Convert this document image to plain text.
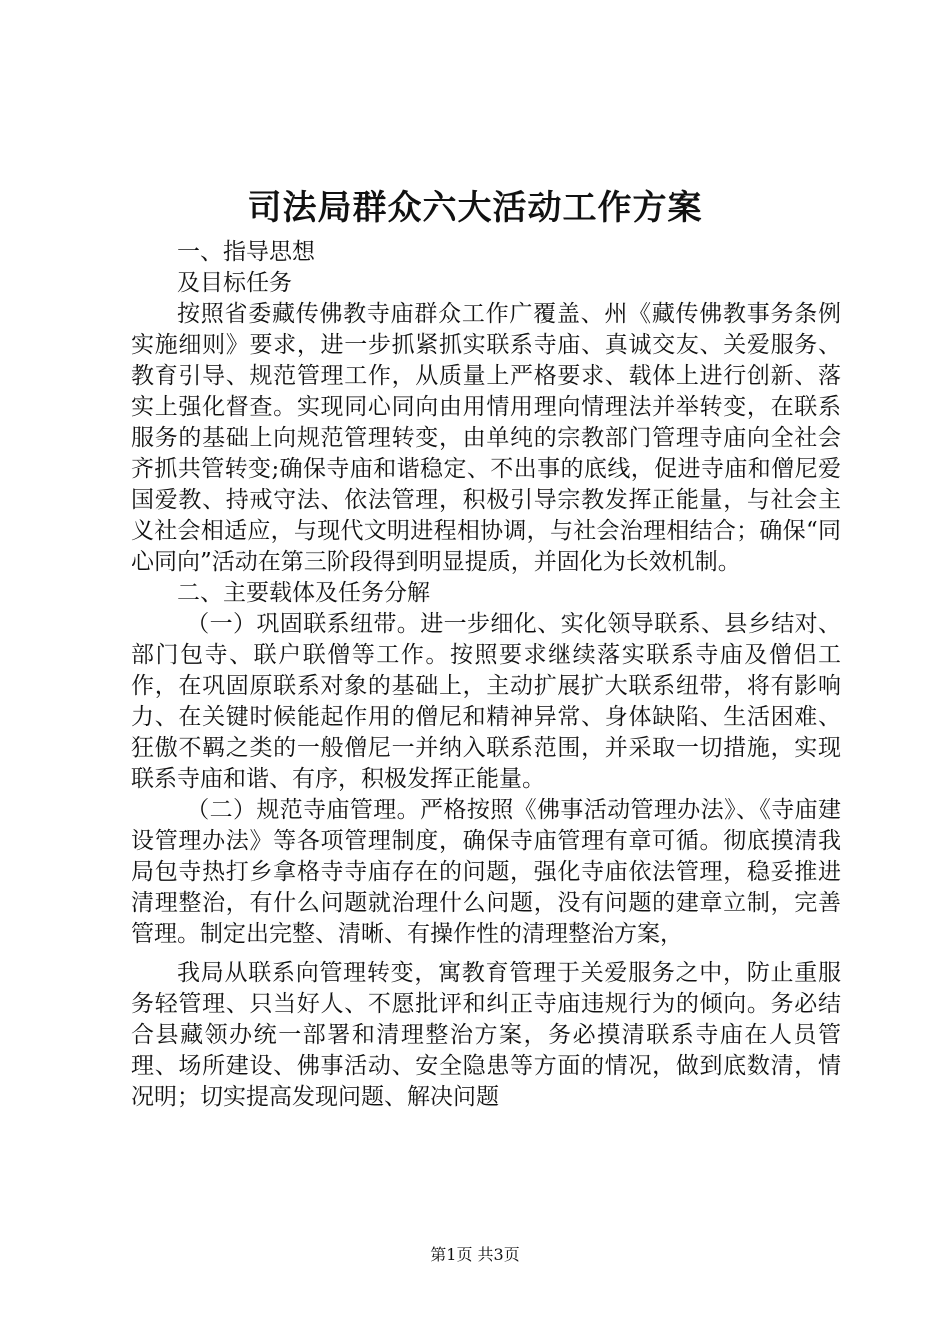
司法局群众六大活动工作方案

一、指导思想

及目标任务

按照省委藏传佛教寺庙群众工作广覆盖、州《藏传佛教事务条例实施细则》要求，进一步抓紧抓实联系寺庙、真诚交友、关爱服务、教育引导、规范管理工作，从质量上严格要求、载体上进行创新、落实上强化督查。实现同心同向由用情用理向情理法并举转变，在联系服务的基础上向规范管理转变，由单纯的宗教部门管理寺庙向全社会齐抓共管转变;确保寺庙和谐稳定、不出事的底线，促进寺庙和僧尼爱国爱教、持戒守法、依法管理，积极引导宗教发挥正能量，与社会主义社会相适应，与现代文明进程相协调，与社会治理相结合；确保“同心同向”活动在第三阶段得到明显提质，并固化为长效机制。

二、主要载体及任务分解

（一）巩固联系纽带。进一步细化、实化领导联系、县乡结对、部门包寺、联户联僧等工作。按照要求继续落实联系寺庙及僧侣工作，在巩固原联系对象的基础上，主动扩展扩大联系纽带，将有影响力、在关键时候能起作用的僧尼和精神异常、身体缺陷、生活困难、狂傲不羁之类的一般僧尼一并纳入联系范围，并采取一切措施，实现联系寺庙和谐、有序，积极发挥正能量。

（二）规范寺庙管理。严格按照《佛事活动管理办法》、《寺庙建设管理办法》等各项管理制度，确保寺庙管理有章可循。彻底摸清我局包寺热打乡拿格寺寺庙存在的问题，强化寺庙依法管理，稳妥推进清理整治，有什么问题就治理什么问题，没有问题的建章立制，完善管理。制定出完整、清晰、有操作性的清理整治方案，

我局从联系向管理转变，寓教育管理于关爱服务之中，防止重服务轻管理、只当好人、不愿批评和纠正寺庙违规行为的倾向。务必结合县藏领办统一部署和清理整治方案，务必摸清联系寺庙在人员管理、场所建设、佛事活动、安全隐患等方面的情况，做到底数清，情况明；切实提高发现问题、解决问题

第1页 共3页
